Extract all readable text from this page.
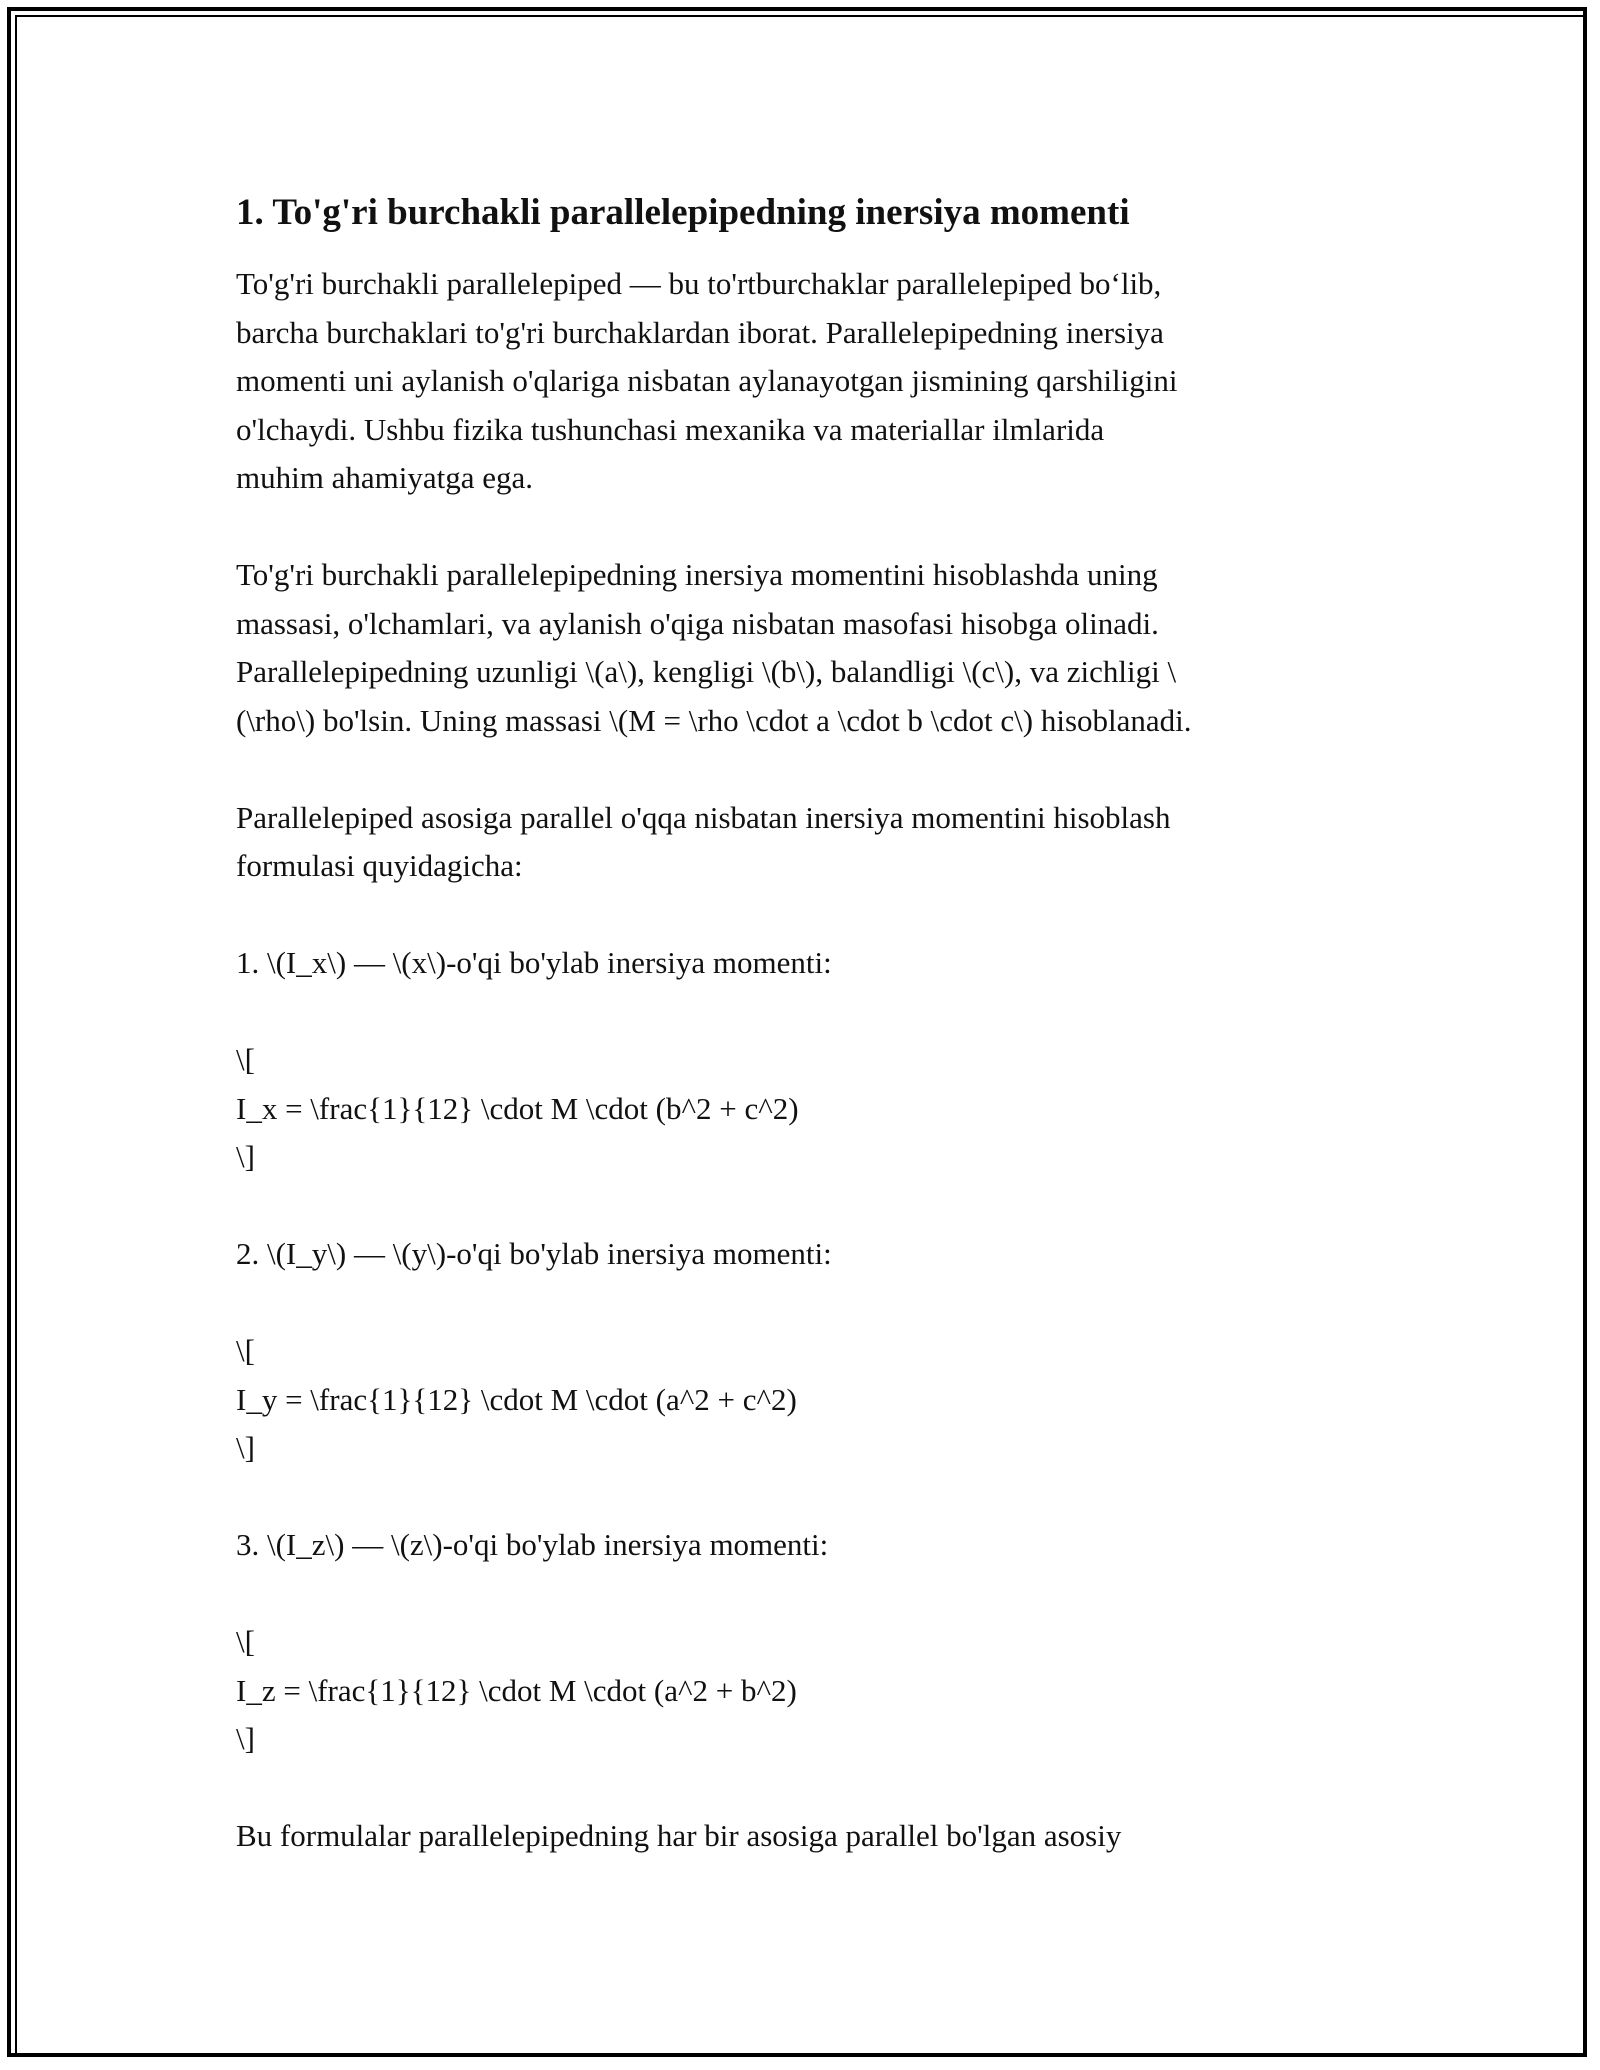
1. To'g'ri burchakli parallelepipedning inersiya momenti
To'g'ri burchakli parallelepiped — bu to'rtburchaklar parallelepiped bo‘lib,
barcha burchaklari to'g'ri burchaklardan iborat. Parallelepipedning inersiya
momenti uni aylanish o'qlariga nisbatan aylanayotgan jismining qarshiligini
o'lchaydi. Ushbu fizika tushunchasi mexanika va materiallar ilmlarida
muhim ahamiyatga ega.
To'g'ri burchakli parallelepipedning inersiya momentini hisoblashda uning
massasi, o'lchamlari, va aylanish o'qiga nisbatan masofasi hisobga olinadi.
Parallelepipedning uzunligi \(a\), kengligi \(b\), balandligi \(c\), va zichligi \
(\rho\) bo'lsin. Uning massasi \(M = \rho \cdot a \cdot b \cdot c\) hisoblanadi.
Parallelepiped asosiga parallel o'qqa nisbatan inersiya momentini hisoblash
formulasi quyidagicha:
1. \(I_x\) — \(x\)-o'qi bo'ylab inersiya momenti:
\[
I_x = \frac{1}{12} \cdot M \cdot (b^2 + c^2)
\]
2. \(I_y\) — \(y\)-o'qi bo'ylab inersiya momenti:
\[
I_y = \frac{1}{12} \cdot M \cdot (a^2 + c^2)
\]
3. \(I_z\) — \(z\)-o'qi bo'ylab inersiya momenti:
\[
I_z = \frac{1}{12} \cdot M \cdot (a^2 + b^2)
\]
Bu formulalar parallelepipedning har bir asosiga parallel bo'lgan asosiy
